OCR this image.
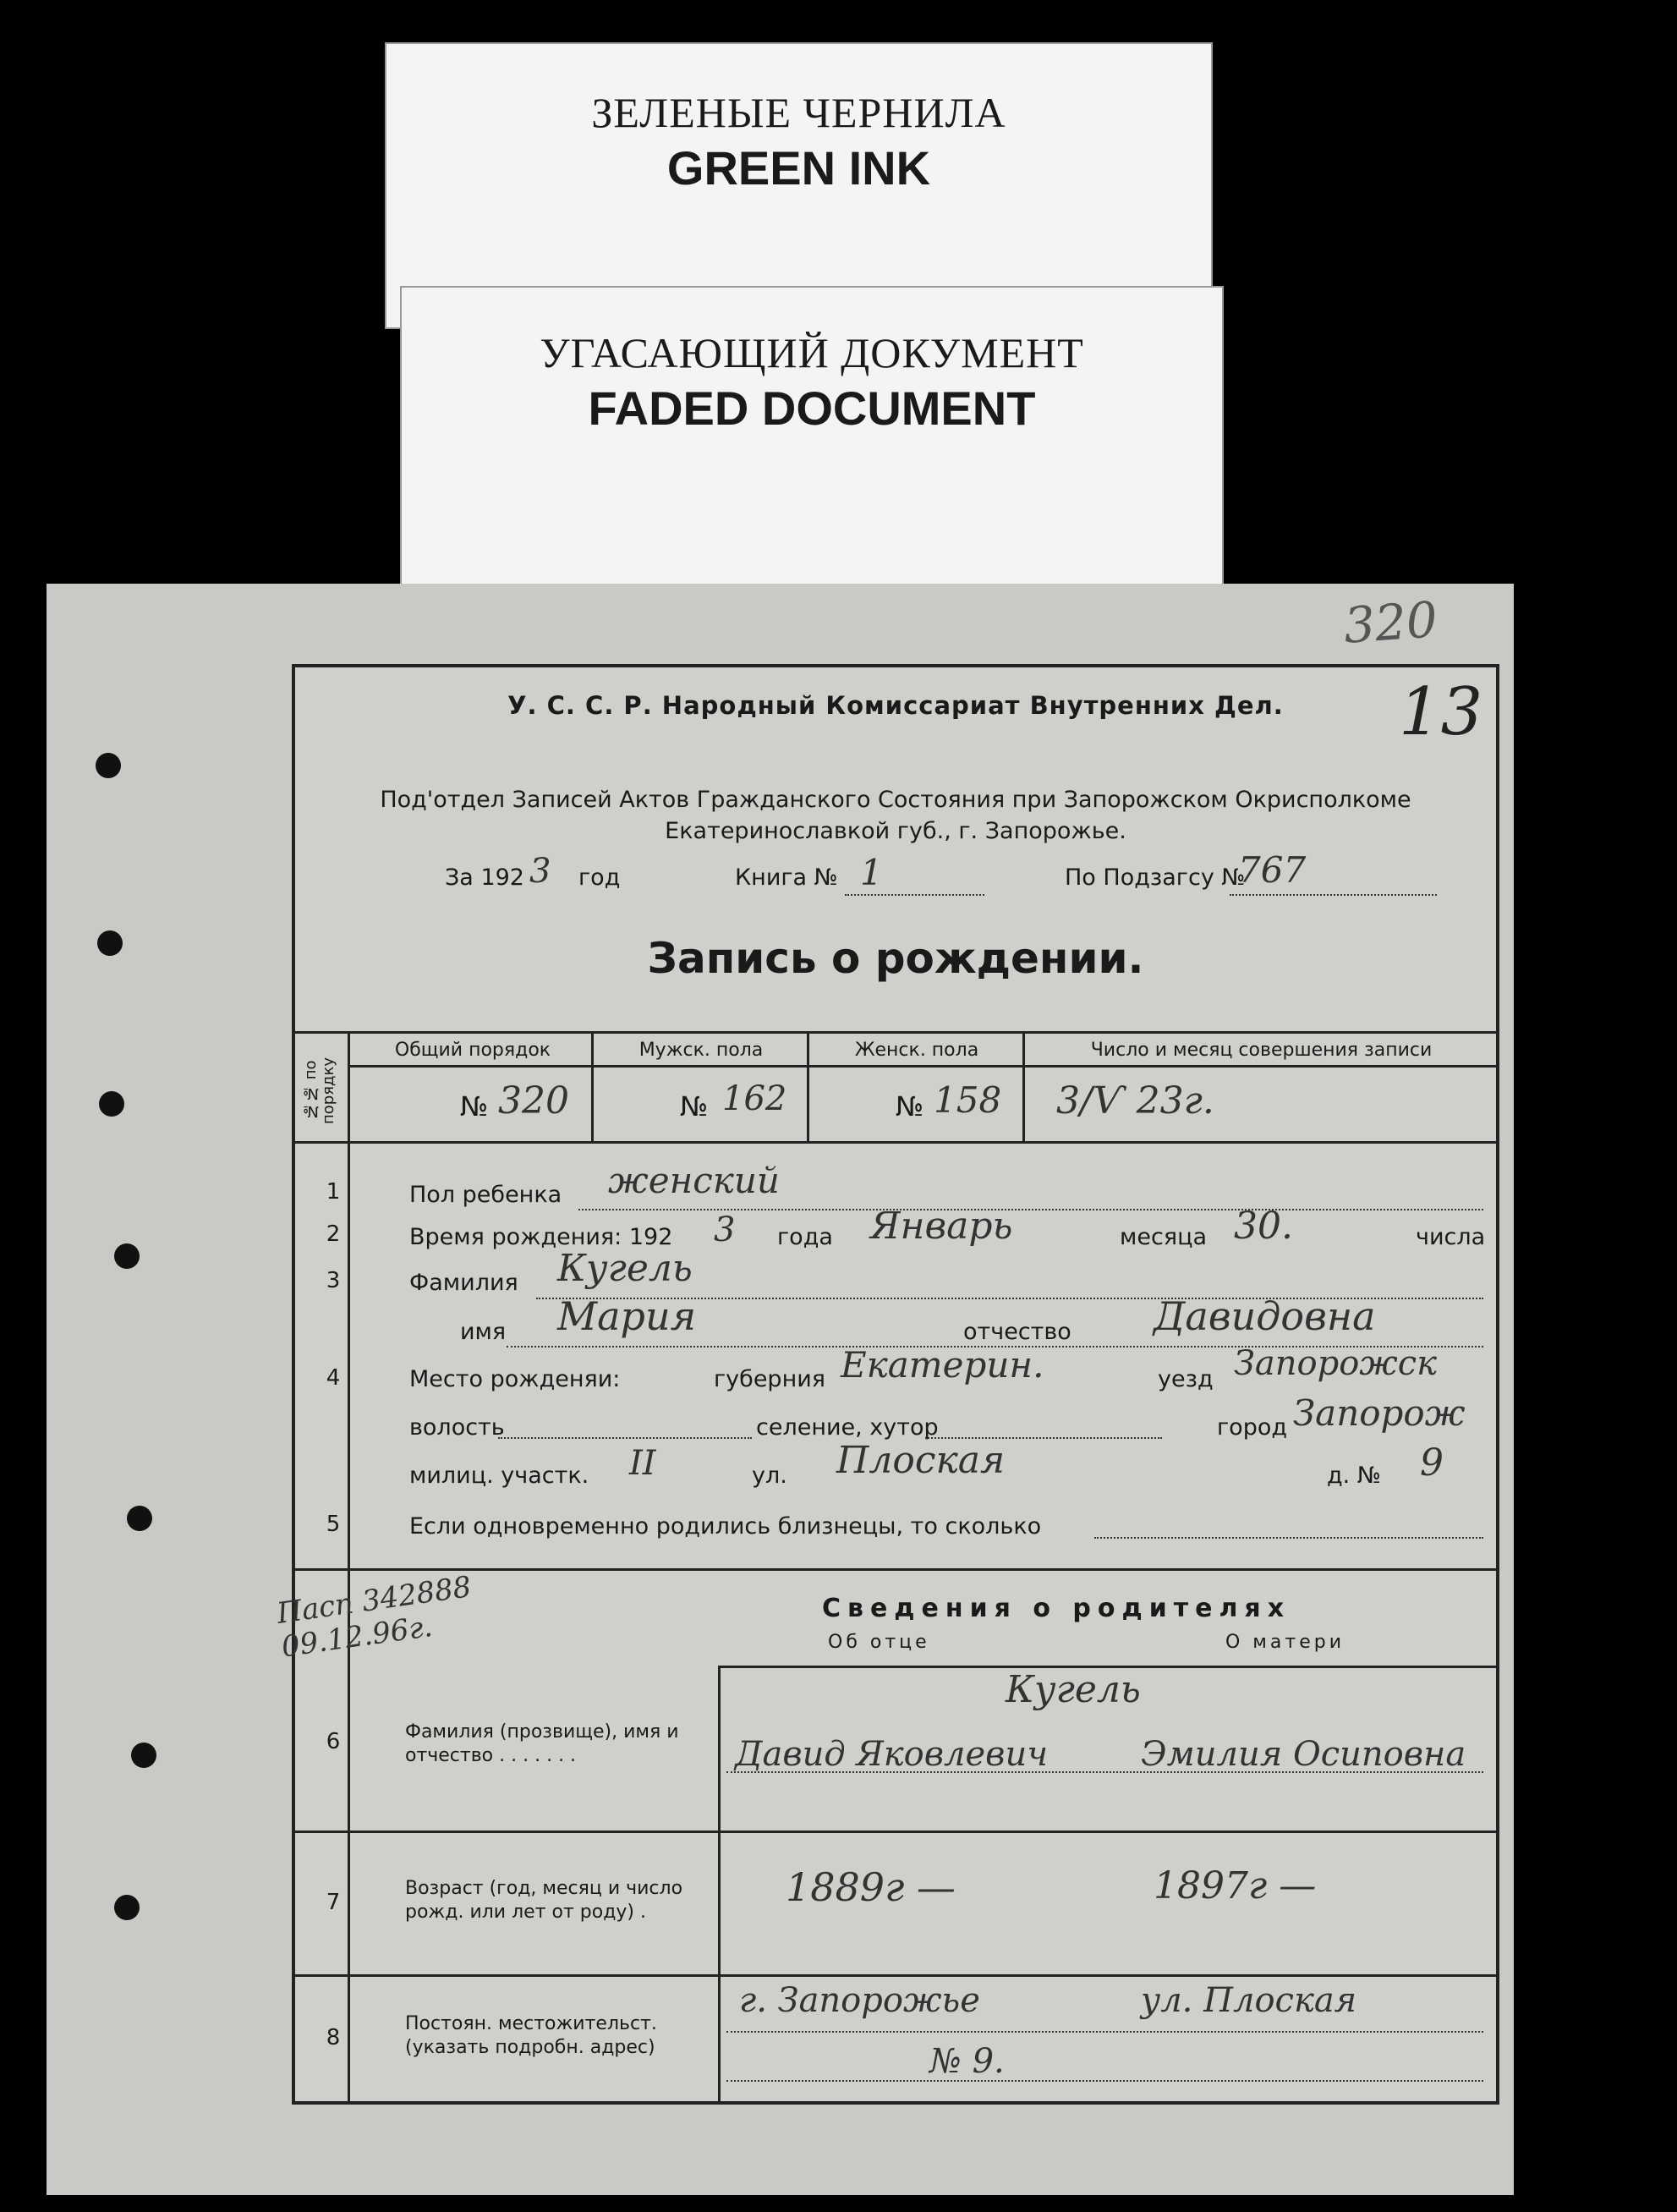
ЗЕЛЕНЫЕ ЧЕРНИЛА
GREEN INK
УГАСАЮЩИЙ ДОКУМЕНТ
FADED DOCUMENT
320
У. С. С. Р. Народный Комиссариат Внутренних Дел.	13
Под'отдел Записей Актов Гражданского Состояния при Запорожском Окрисполкоме
Екатеринославкой губ., г. Запорожье.
За 192 3 год	Книга № 1	По Подзагсу №
767
Запись о рождении.
№№ по порядку
Общий порядок	Мужск. пола	Женск. пола	Число и месяц совершения записи
№ 320	№ 162	№ 158 3/Ѵ 23г.
1	Пол ребенка женский
2	Время рождения: 192 3 года Январь	месяца 30.	числа
3	Фамилия Кугель
имя Мария	отчество Давидовна
4	Место рожденяи:	губерния Екатерин.	уезд Запорожск
волость	селение, хутор	город Запорож
милиц. участк. II	ул. Плоская	д. № 9
5	Если одновременно родились близнецы, то сколько
Пасп 342888 09.12.96г.
Сведения о родителях
Об отце	О матери
6	Фамилия (прозвище), имя и отчество . . . . . . .
Кугель
Давид Яковлевич	Эмилия Осиповна
7
Возраст (год, месяц и число рожд. или лет от роду) .
1889г —	1897г —
8
Постоян. местожительст. (указать подробн. адрес)
г. Запорожье	ул. Плоская
№ 9.
